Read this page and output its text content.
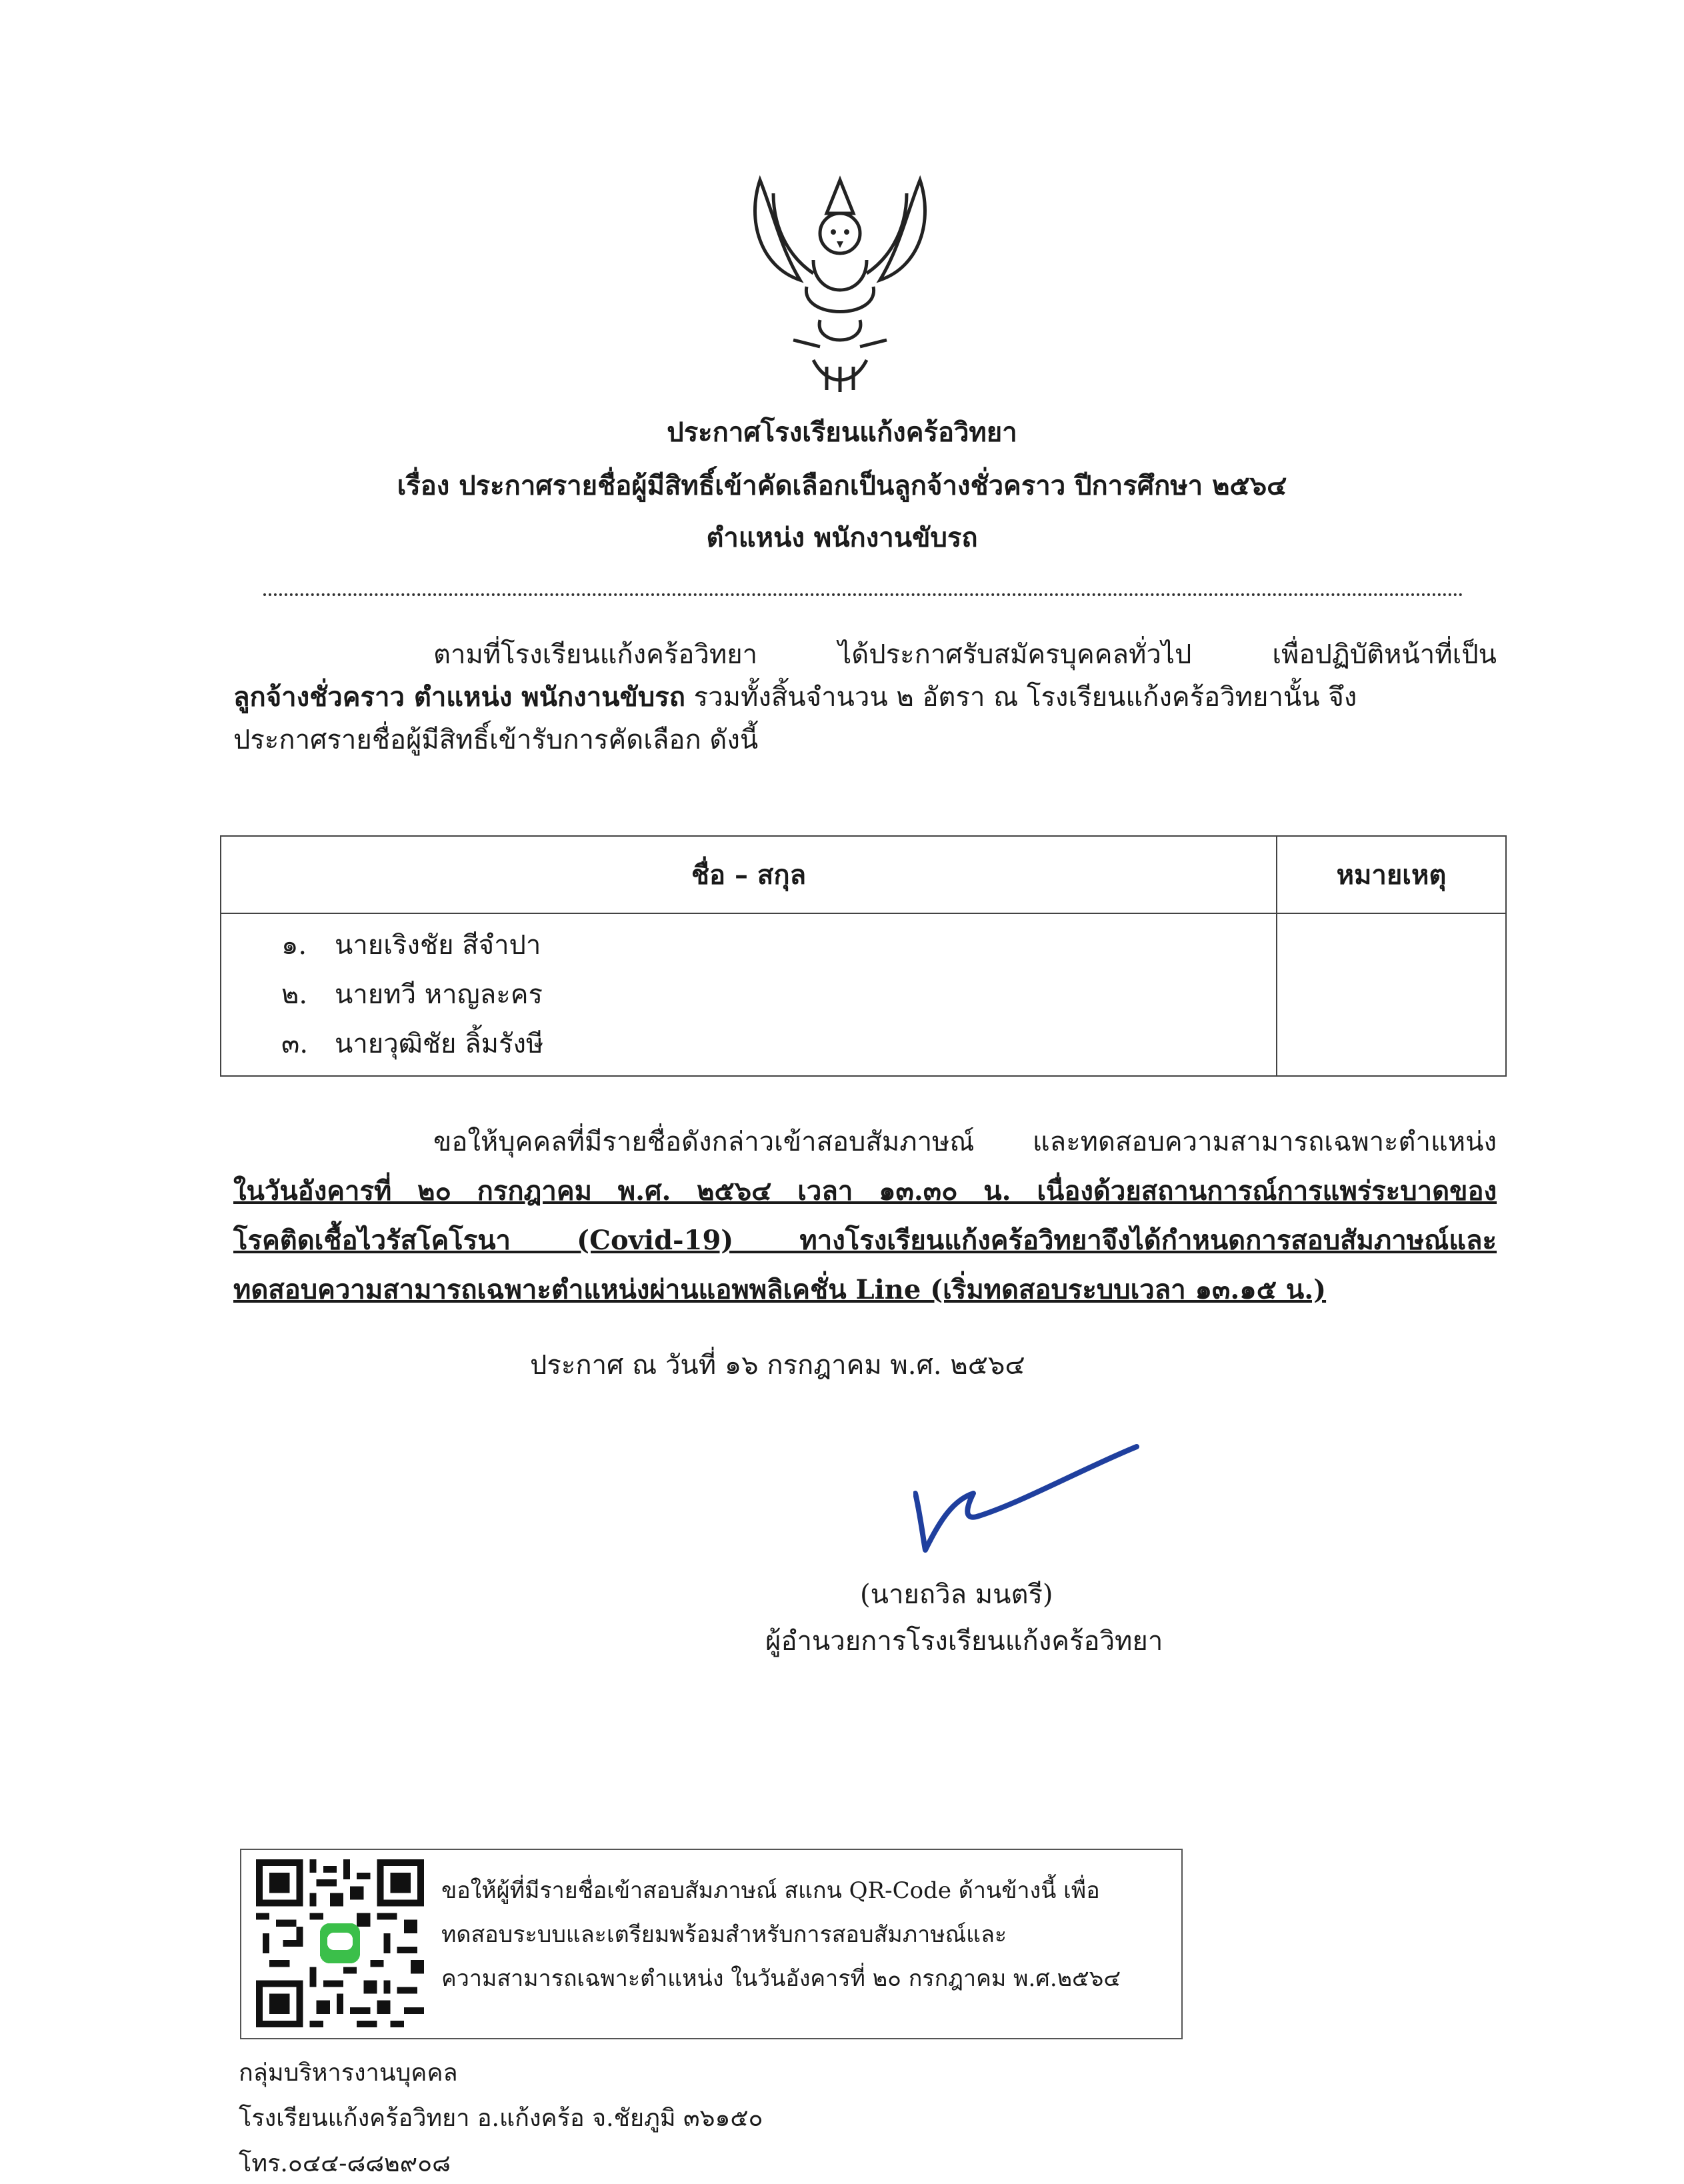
ประกาศโรงเรียนแก้งคร้อวิทยา
เรื่อง ประกาศรายชื่อผู้มีสิทธิ์เข้าคัดเลือกเป็นลูกจ้างชั่วคราว ปีการศึกษา ๒๕๖๔
ตำแหน่ง พนักงานขับรถ
ตามที่โรงเรียนแก้งคร้อวิทยา ได้ประกาศรับสมัครบุคคลทั่วไป เพื่อปฏิบัติหน้าที่เป็น
ลูกจ้างชั่วคราว ตำแหน่ง พนักงานขับรถ รวมทั้งสิ้นจำนวน ๒ อัตรา ณ โรงเรียนแก้งคร้อวิทยานั้น จึง
ประกาศรายชื่อผู้มีสิทธิ์เข้ารับการคัดเลือก ดังนี้
ชื่อ – สกุล	หมายเหตุ

๑. นายเริงชัย สีจำปา
๒. นายทวี หาญละคร
๓. นายวุฒิชัย ลิ้มรังษี	

ขอให้บุคคลที่มีรายชื่อดังกล่าวเข้าสอบสัมภาษณ์ และทดสอบความสามารถเฉพาะตำแหน่ง
ในวันอังคารที่ ๒๐ กรกฎาคม พ.ศ. ๒๕๖๔ เวลา ๑๓.๓๐ น. เนื่องด้วยสถานการณ์การแพร่ระบาดของ
โรคติดเชื้อไวรัสโคโรนา (Covid-19) ทางโรงเรียนแก้งคร้อวิทยาจึงได้กำหนดการสอบสัมภาษณ์และ
ทดสอบความสามารถเฉพาะตำแหน่งผ่านแอพพลิเคชั่น Line (เริ่มทดสอบระบบเวลา ๑๓.๑๕ น.)
ประกาศ ณ วันที่ ๑๖ กรกฎาคม พ.ศ. ๒๕๖๔
(นายถวิล มนตรี)
ผู้อำนวยการโรงเรียนแก้งคร้อวิทยา
ขอให้ผู้ที่มีรายชื่อเข้าสอบสัมภาษณ์ สแกน QR-Code ด้านข้างนี้ เพื่อ
ทดสอบระบบและเตรียมพร้อมสำหรับการสอบสัมภาษณ์และ
ความสามารถเฉพาะตำแหน่ง ในวันอังคารที่ ๒๐ กรกฎาคม พ.ศ.๒๕๖๔
กลุ่มบริหารงานบุคคล
โรงเรียนแก้งคร้อวิทยา อ.แก้งคร้อ จ.ชัยภูมิ ๓๖๑๕๐
โทร.๐๔๔-๘๘๒๙๐๘
